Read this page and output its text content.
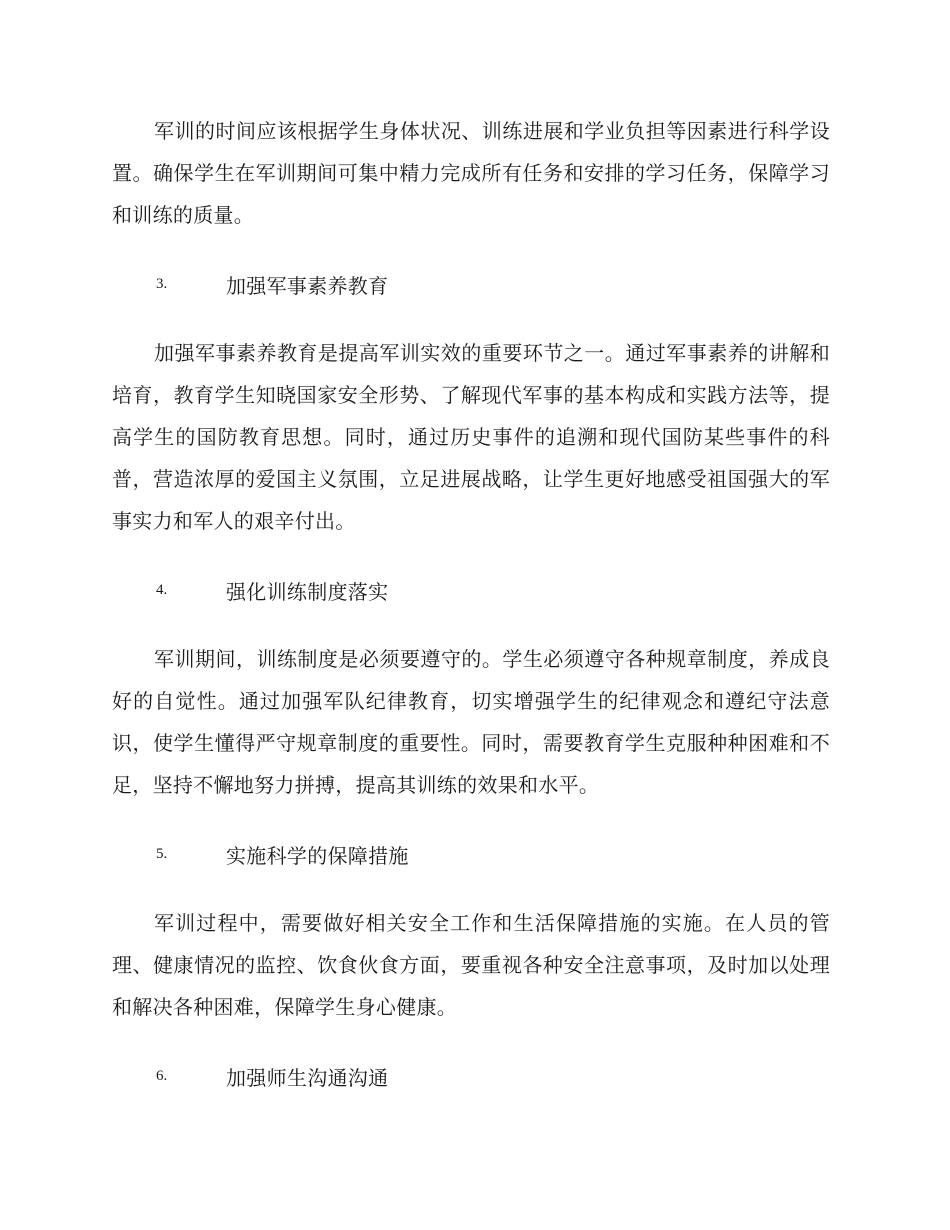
军训的时间应该根据学生身体状况、训练进展和学业负担等因素进行科学设置。确保学生在军训期间可集中精力完成所有任务和安排的学习任务，保障学习和训练的质量。

3.	加强军事素养教育

加强军事素养教育是提高军训实效的重要环节之一。通过军事素养的讲解和培育，教育学生知晓国家安全形势、了解现代军事的基本构成和实践方法等，提高学生的国防教育思想。同时，通过历史事件的追溯和现代国防某些事件的科普，营造浓厚的爱国主义氛围，立足进展战略，让学生更好地感受祖国强大的军事实力和军人的艰辛付出。

4.	强化训练制度落实

军训期间，训练制度是必须要遵守的。学生必须遵守各种规章制度，养成良好的自觉性。通过加强军队纪律教育，切实增强学生的纪律观念和遵纪守法意识，使学生懂得严守规章制度的重要性。同时，需要教育学生克服种种困难和不足，坚持不懈地努力拼搏，提高其训练的效果和水平。

5.	实施科学的保障措施

军训过程中，需要做好相关安全工作和生活保障措施的实施。在人员的管理、健康情况的监控、饮食伙食方面，要重视各种安全注意事项，及时加以处理和解决各种困难，保障学生身心健康。

6.	加强师生沟通沟通
